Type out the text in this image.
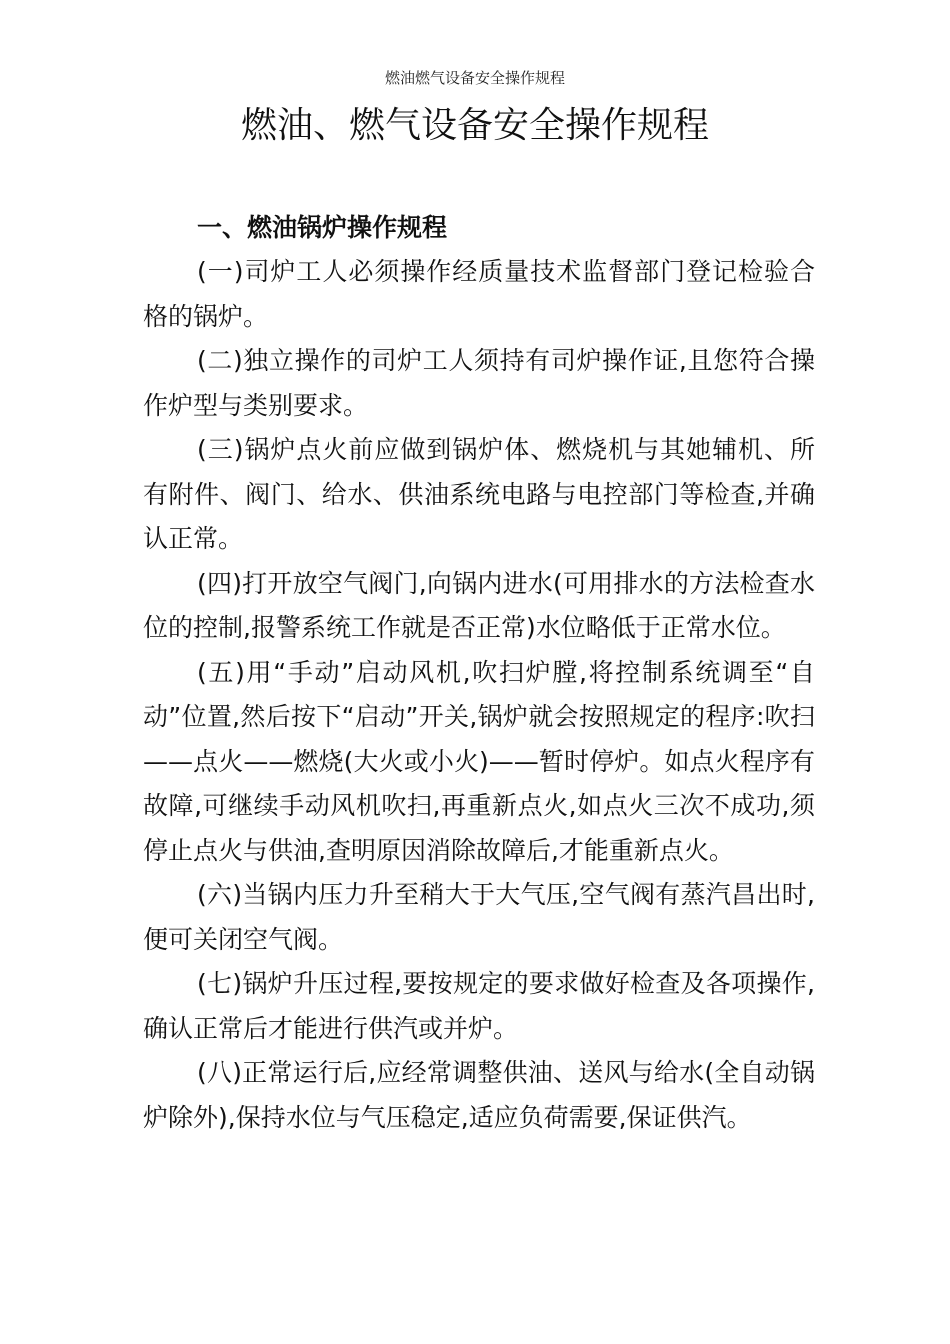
燃油燃气设备安全操作规程
燃油、燃气设备安全操作规程
一、燃油锅炉操作规程

(一)司炉工人必须操作经质量技术监督部门登记检验合格的锅炉。

(二)独立操作的司炉工人须持有司炉操作证,且您符合操作炉型与类别要求。

(三)锅炉点火前应做到锅炉体、燃烧机与其她辅机、所有附件、阀门、给水、供油系统电路与电控部门等检查,并确认正常。

(四)打开放空气阀门,向锅内进水(可用排水的方法检查水位的控制,报警系统工作就是否正常)水位略低于正常水位。

(五)用“手动”启动风机,吹扫炉膛,将控制系统调至“自动”位置,然后按下“启动”开关,锅炉就会按照规定的程序:吹扫——点火——燃烧(大火或小火)——暂时停炉。如点火程序有故障,可继续手动风机吹扫,再重新点火,如点火三次不成功,须停止点火与供油,查明原因消除故障后,才能重新点火。

(六)当锅内压力升至稍大于大气压,空气阀有蒸汽昌出时,便可关闭空气阀。

(七)锅炉升压过程,要按规定的要求做好检查及各项操作,确认正常后才能进行供汽或并炉。

(八)正常运行后,应经常调整供油、送风与给水(全自动锅炉除外),保持水位与气压稳定,适应负荷需要,保证供汽。
